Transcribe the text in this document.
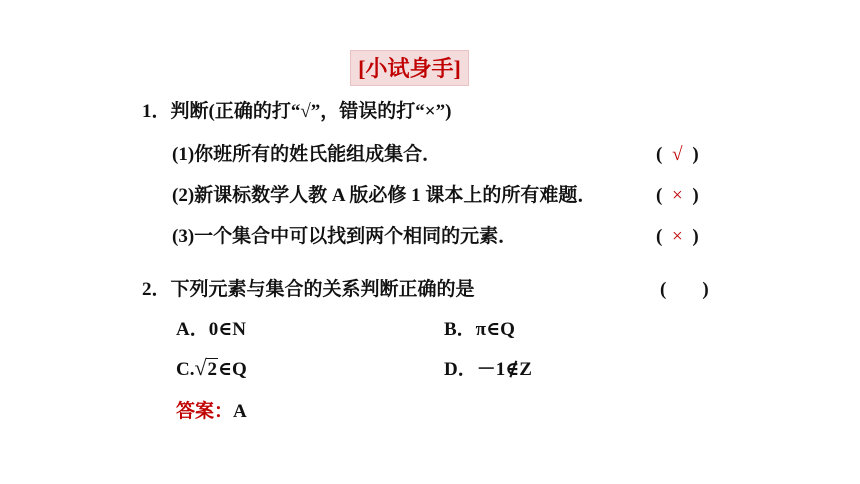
[小试身手]
1．判断(正确的打“√”，错误的打“×”)
(1)你班所有的姓氏能组成集合．	( √ )
(2)新课标数学人教 A 版必修 1 课本上的所有难题．	( × )
(3)一个集合中可以找到两个相同的元素．	( × )
2．下列元素与集合的关系判断正确的是	( )
A．0∈N	B．π∈Q
C. √ 2∈Q	D．－1∉Z
答案：A
